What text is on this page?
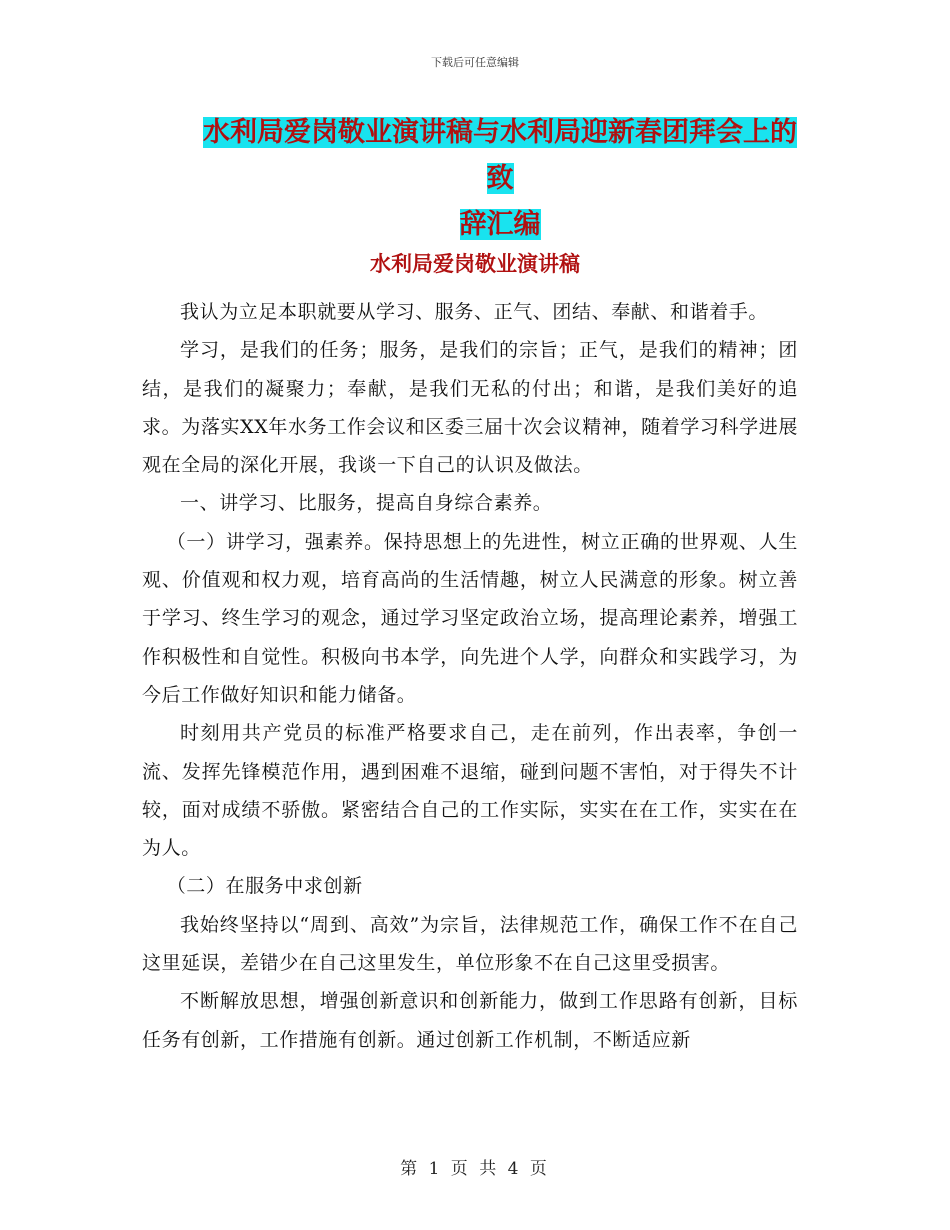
下载后可任意编辑
水利局爱岗敬业演讲稿与水利局迎新春团拜会上的致
辞汇编
水利局爱岗敬业演讲稿

我认为立足本职就要从学习、服务、正气、团结、奉献、和谐着手。

学习，是我们的任务；服务，是我们的宗旨；正气，是我们的精神；团结，是我们的凝聚力；奉献，是我们无私的付出；和谐，是我们美好的追求。为落实XX年水务工作会议和区委三届十次会议精神，随着学习科学进展观在全局的深化开展，我谈一下自己的认识及做法。

一、讲学习、比服务，提高自身综合素养。

（一）讲学习，强素养。保持思想上的先进性，树立正确的世界观、人生观、价值观和权力观，培育高尚的生活情趣，树立人民满意的形象。树立善于学习、终生学习的观念，通过学习坚定政治立场，提高理论素养，增强工作积极性和自觉性。积极向书本学，向先进个人学，向群众和实践学习，为今后工作做好知识和能力储备。

时刻用共产党员的标准严格要求自己，走在前列，作出表率，争创一流、发挥先锋模范作用，遇到困难不退缩，碰到问题不害怕，对于得失不计较，面对成绩不骄傲。紧密结合自己的工作实际，实实在在工作，实实在在为人。

（二）在服务中求创新

我始终坚持以“周到、高效”为宗旨，法律规范工作，确保工作不在自己这里延误，差错少在自己这里发生，单位形象不在自己这里受损害。

不断解放思想，增强创新意识和创新能力，做到工作思路有创新，目标任务有创新，工作措施有创新。通过创新工作机制，不断适应新

第 1 页 共 4 页
